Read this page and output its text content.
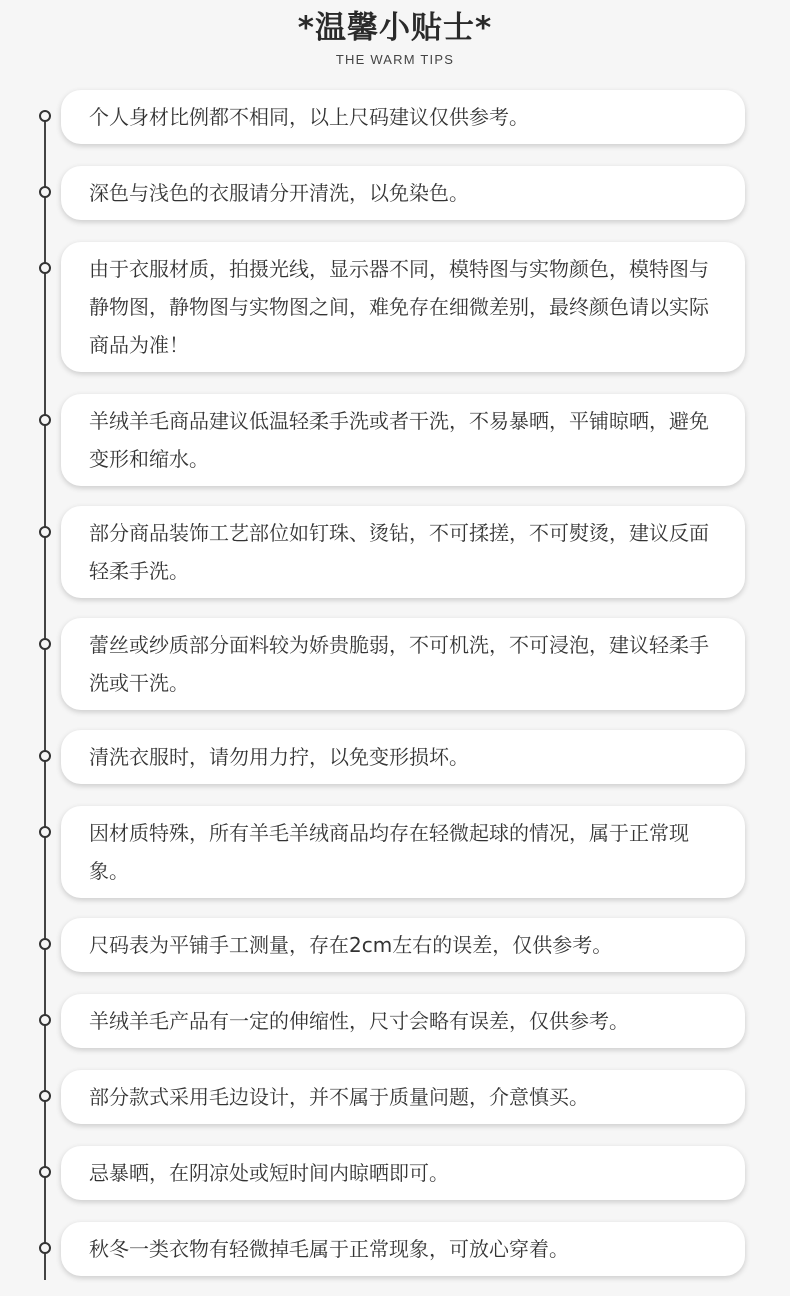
*温馨小贴士*
THE WARM TIPS
个人身材比例都不相同，以上尺码建议仅供参考。
深色与浅色的衣服请分开清洗，以免染色。
由于衣服材质，拍摄光线，显示器不同，模特图与实物颜色，模特图与静物图，静物图与实物图之间，难免存在细微差别，最终颜色请以实际商品为准！
羊绒羊毛商品建议低温轻柔手洗或者干洗，不易暴晒，平铺晾晒，避免变形和缩水。
部分商品装饰工艺部位如钉珠、烫钻，不可揉搓，不可熨烫，建议反面轻柔手洗。
蕾丝或纱质部分面料较为娇贵脆弱，不可机洗，不可浸泡，建议轻柔手洗或干洗。
清洗衣服时，请勿用力拧，以免变形损坏。
因材质特殊，所有羊毛羊绒商品均存在轻微起球的情况，属于正常现象。
尺码表为平铺手工测量，存在2cm左右的误差，仅供参考。
羊绒羊毛产品有一定的伸缩性，尺寸会略有误差，仅供参考。
部分款式采用毛边设计，并不属于质量问题，介意慎买。
忌暴晒，在阴凉处或短时间内晾晒即可。
秋冬一类衣物有轻微掉毛属于正常现象，可放心穿着。
